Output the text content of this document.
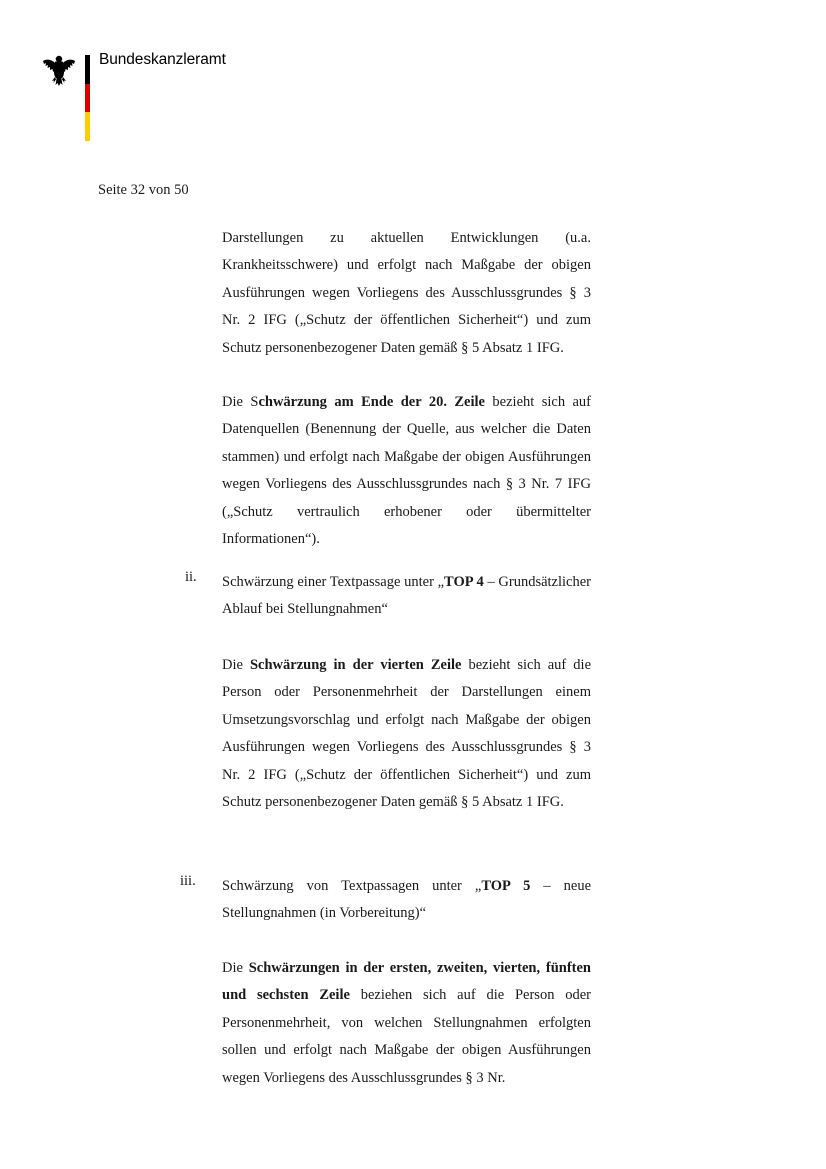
Bundeskanzleramt
Seite 32 von 50
Darstellungen zu aktuellen Entwicklungen (u.a. Krankheitsschwere) und erfolgt nach Maßgabe der obigen Ausführungen wegen Vorliegens des Ausschlussgrundes § 3 Nr. 2 IFG („Schutz der öffentlichen Sicherheit“) und zum Schutz personenbezogener Daten gemäß § 5 Absatz 1 IFG.
Die Schwärzung am Ende der 20. Zeile bezieht sich auf Datenquellen (Benennung der Quelle, aus welcher die Daten stammen) und erfolgt nach Maßgabe der obigen Ausführungen wegen Vorliegens des Ausschlussgrundes nach § 3 Nr. 7 IFG („Schutz vertraulich erhobener oder übermittelter Informationen“).
ii. Schwärzung einer Textpassage unter „TOP 4 – Grundsätzlicher Ablauf bei Stellungnahmen“
Die Schwärzung in der vierten Zeile bezieht sich auf die Person oder Personenmehrheit der Darstellungen einem Umsetzungsvorschlag und erfolgt nach Maßgabe der obigen Ausführungen wegen Vorliegens des Ausschlussgrundes § 3 Nr. 2 IFG („Schutz der öffentlichen Sicherheit“) und zum Schutz personenbezogener Daten gemäß § 5 Absatz 1 IFG.
iii. Schwärzung von Textpassagen unter „TOP 5 – neue Stellungnahmen (in Vorbereitung)“
Die Schwärzungen in der ersten, zweiten, vierten, fünften und sechsten Zeile beziehen sich auf die Person oder Personenmehrheit, von welchen Stellungnahmen erfolgten sollen und erfolgt nach Maßgabe der obigen Ausführungen wegen Vorliegens des Ausschlussgrundes § 3 Nr.
